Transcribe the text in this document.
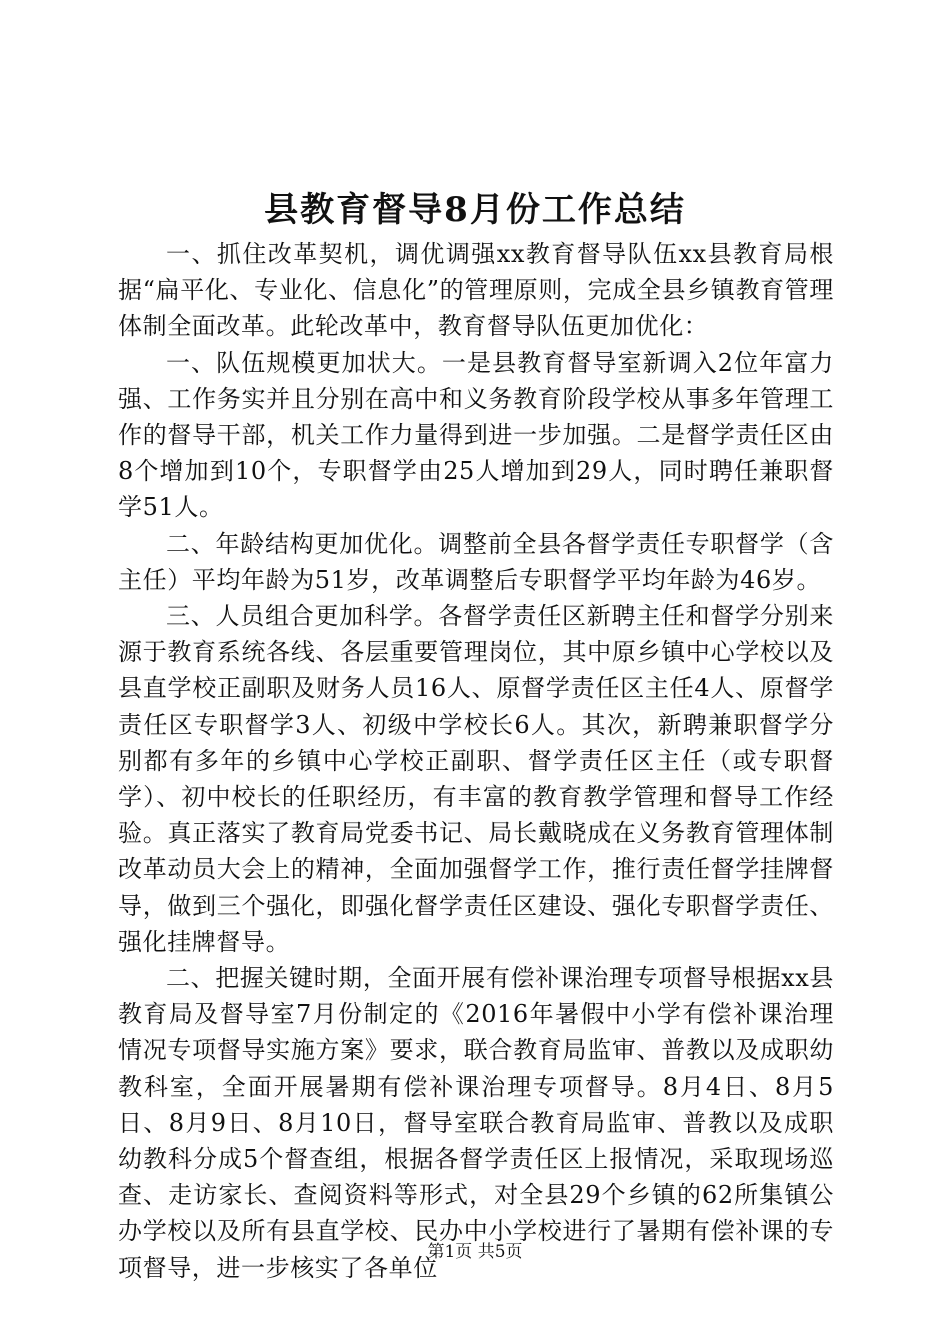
县教育督导8月份工作总结

一、抓住改革契机，调优调强xx教育督导队伍xx县教育局根据“扁平化、专业化、信息化”的管理原则，完成全县乡镇教育管理体制全面改革。此轮改革中，教育督导队伍更加优化：

一、队伍规模更加状大。一是县教育督导室新调入2位年富力强、工作务实并且分别在高中和义务教育阶段学校从事多年管理工作的督导干部，机关工作力量得到进一步加强。二是督学责任区由8个增加到10个，专职督学由25人增加到29人，同时聘任兼职督学51人。

二、年龄结构更加优化。调整前全县各督学责任专职督学（含主任）平均年龄为51岁，改革调整后专职督学平均年龄为46岁。

三、人员组合更加科学。各督学责任区新聘主任和督学分别来源于教育系统各线、各层重要管理岗位，其中原乡镇中心学校以及县直学校正副职及财务人员16人、原督学责任区主任4人、原督学责任区专职督学3人、初级中学校长6人。其次，新聘兼职督学分别都有多年的乡镇中心学校正副职、督学责任区主任（或专职督学）、初中校长的任职经历，有丰富的教育教学管理和督导工作经验。真正落实了教育局党委书记、局长戴晓成在义务教育管理体制改革动员大会上的精神，全面加强督学工作，推行责任督学挂牌督导，做到三个强化，即强化督学责任区建设、强化专职督学责任、强化挂牌督导。

二、把握关键时期，全面开展有偿补课治理专项督导根据xx县教育局及督导室7月份制定的《2016年暑假中小学有偿补课治理情况专项督导实施方案》要求，联合教育局监审、普教以及成职幼教科室，全面开展暑期有偿补课治理专项督导。8月4日、8月5日、8月9日、8月10日，督导室联合教育局监审、普教以及成职幼教科分成5个督查组，根据各督学责任区上报情况，采取现场巡查、走访家长、查阅资料等形式，对全县29个乡镇的62所集镇公办学校以及所有县直学校、民办中小学校进行了暑期有偿补课的专项督导，进一步核实了各单位

第1页 共5页
